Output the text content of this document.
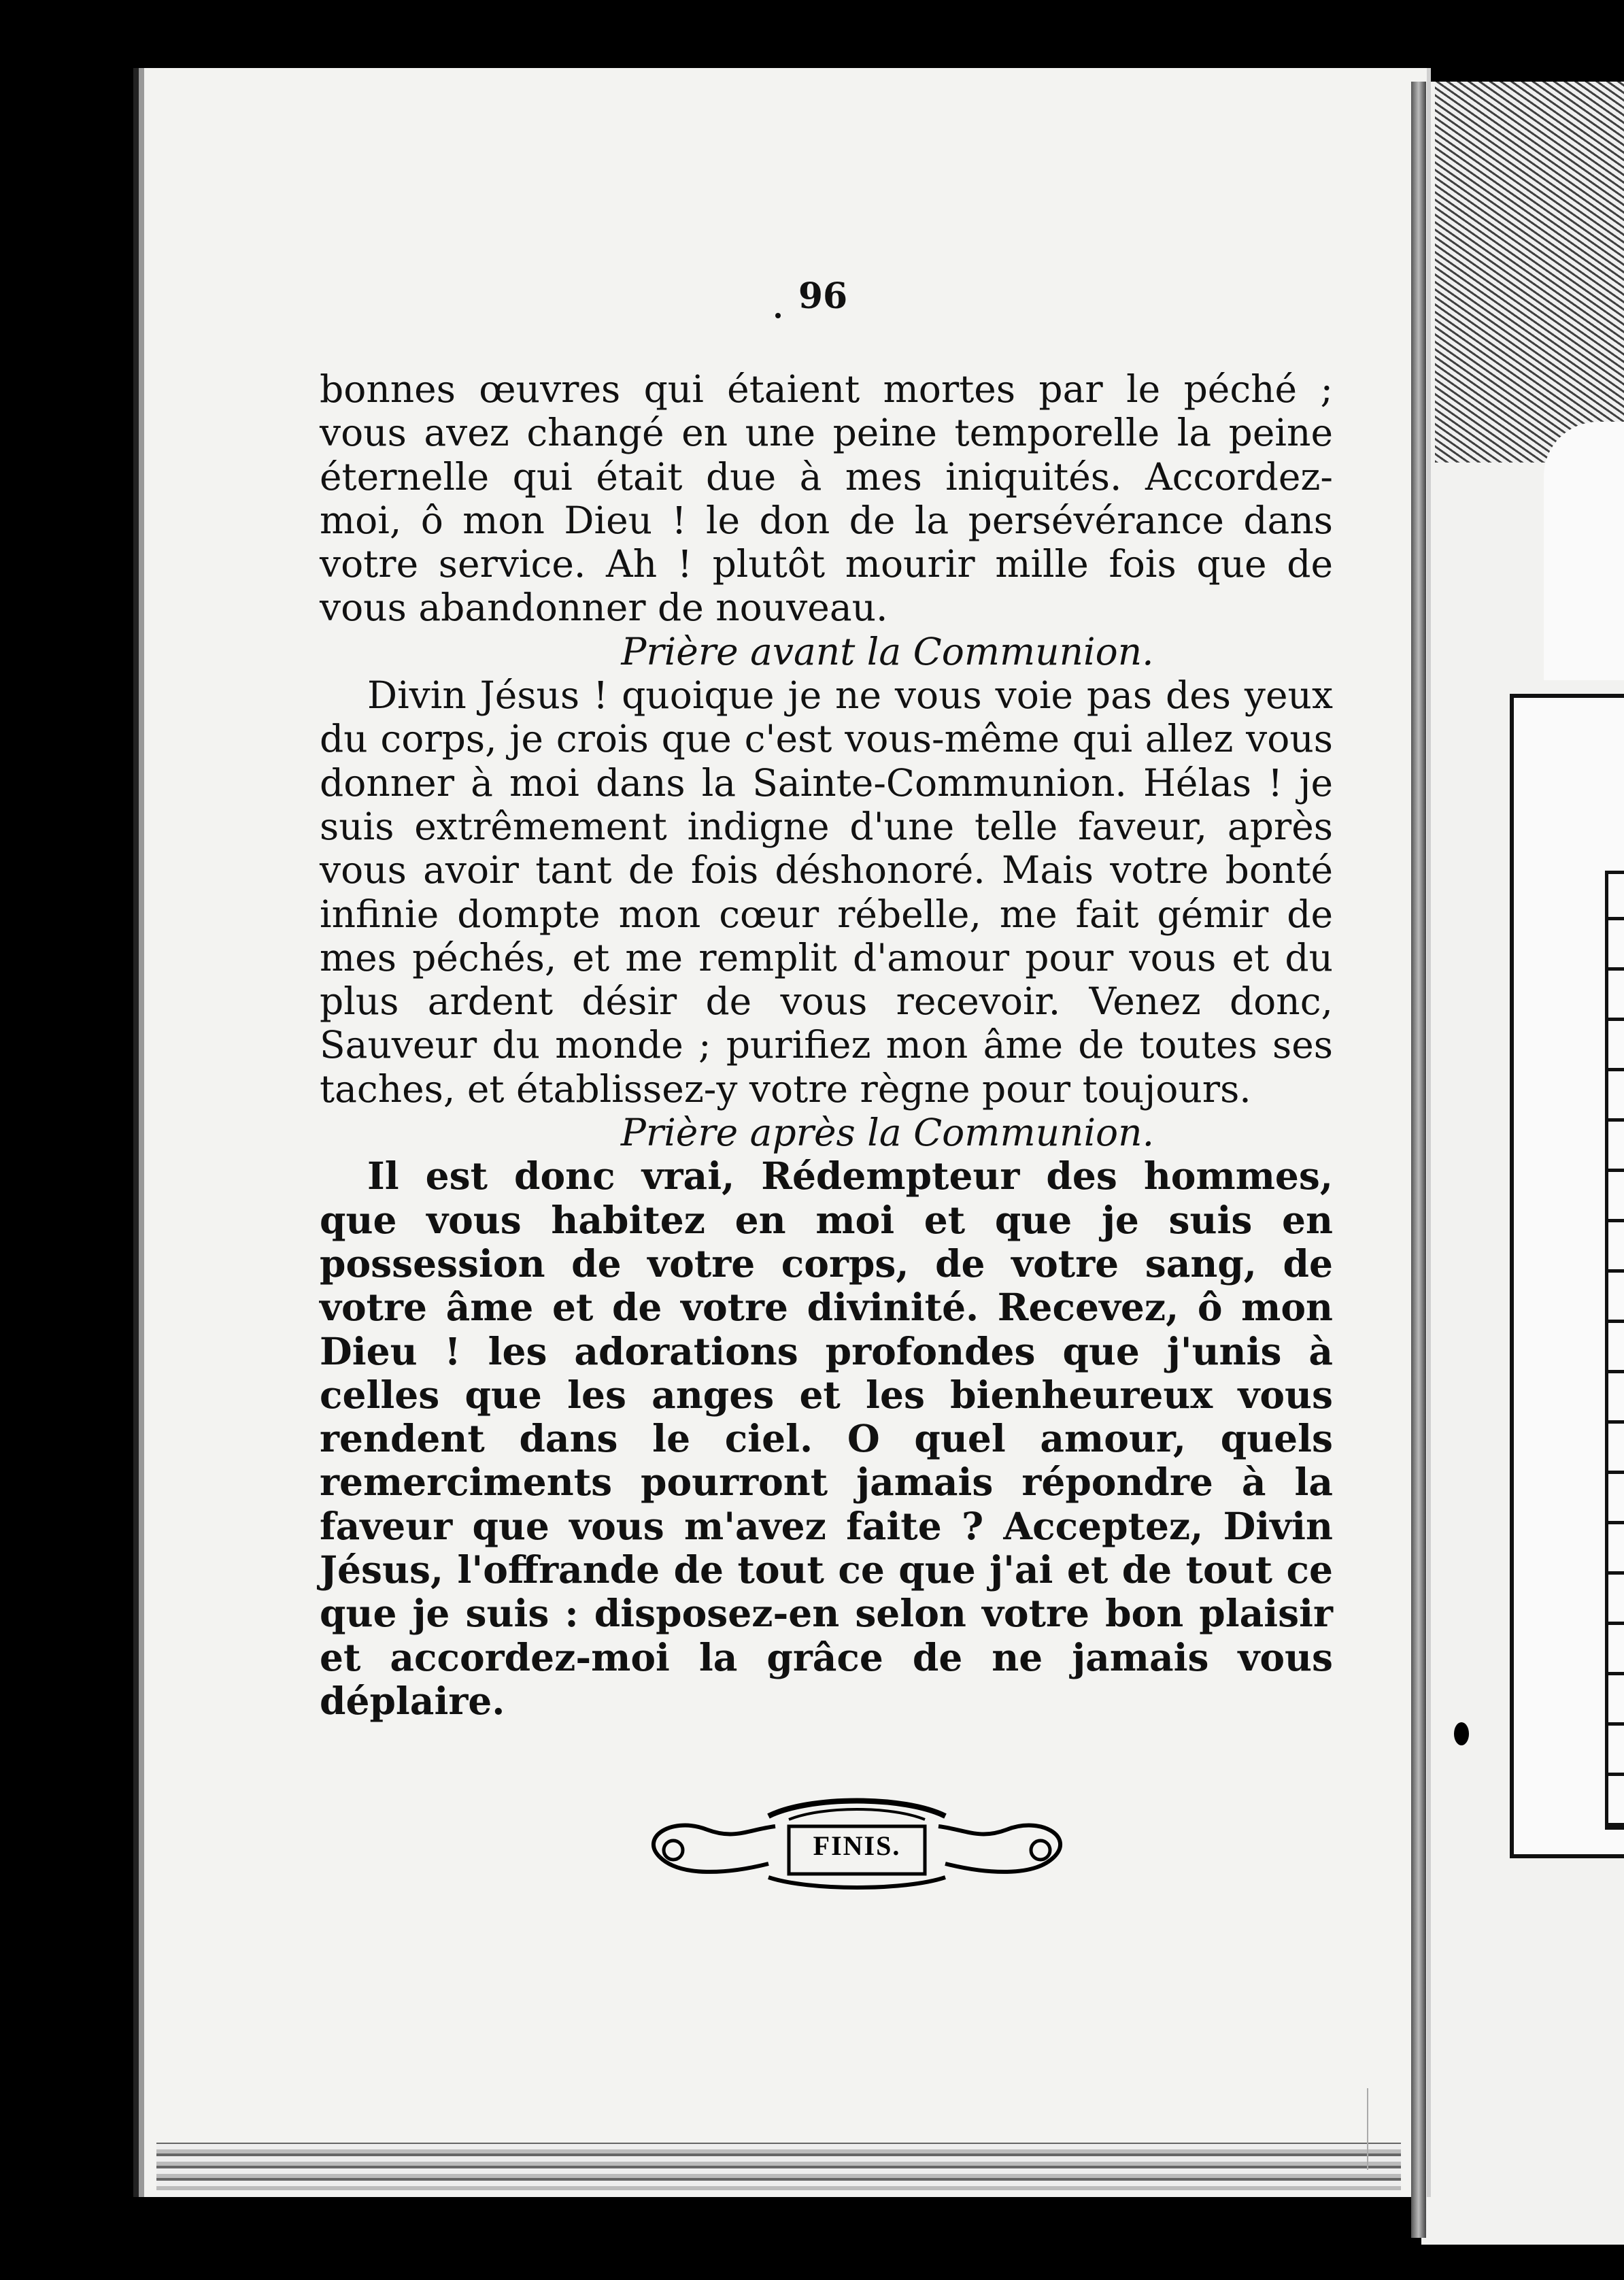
96

bonnes œuvres qui étaient mortes par le péché ; vous avez changé en une peine temporelle la peine éternelle qui était due à mes iniquités. Accordez-moi, ô mon Dieu ! le don de la persévérance dans votre service. Ah ! plutôt mourir mille fois que de vous abandonner de nouveau.

Prière avant la Communion.

Divin Jésus ! quoique je ne vous voie pas des yeux du corps, je crois que c'est vous-même qui allez vous donner à moi dans la Sainte-Communion. Hélas ! je suis extrêmement indigne d'une telle faveur, après vous avoir tant de fois déshonoré. Mais votre bonté infinie dompte mon cœur rébelle, me fait gémir de mes péchés, et me remplit d'amour pour vous et du plus ardent désir de vous recevoir. Venez donc, Sauveur du monde ; purifiez mon âme de toutes ses taches, et établissez-y votre règne pour toujours.

Prière après la Communion.

Il est donc vrai, Rédempteur des hommes, que vous habitez en moi et que je suis en possession de votre corps, de votre sang, de votre âme et de votre divinité. Recevez, ô mon Dieu ! les adorations profondes que j'unis à celles que les anges et les bienheureux vous rendent dans le ciel. O quel amour, quels remerciments pourront jamais répondre à la faveur que vous m'avez faite ? Acceptez, Divin Jésus, l'offrande de tout ce que j'ai et de tout ce que je suis : disposez-en selon votre bon plaisir et accordez-moi la grâce de ne jamais vous déplaire.

FINIS.
